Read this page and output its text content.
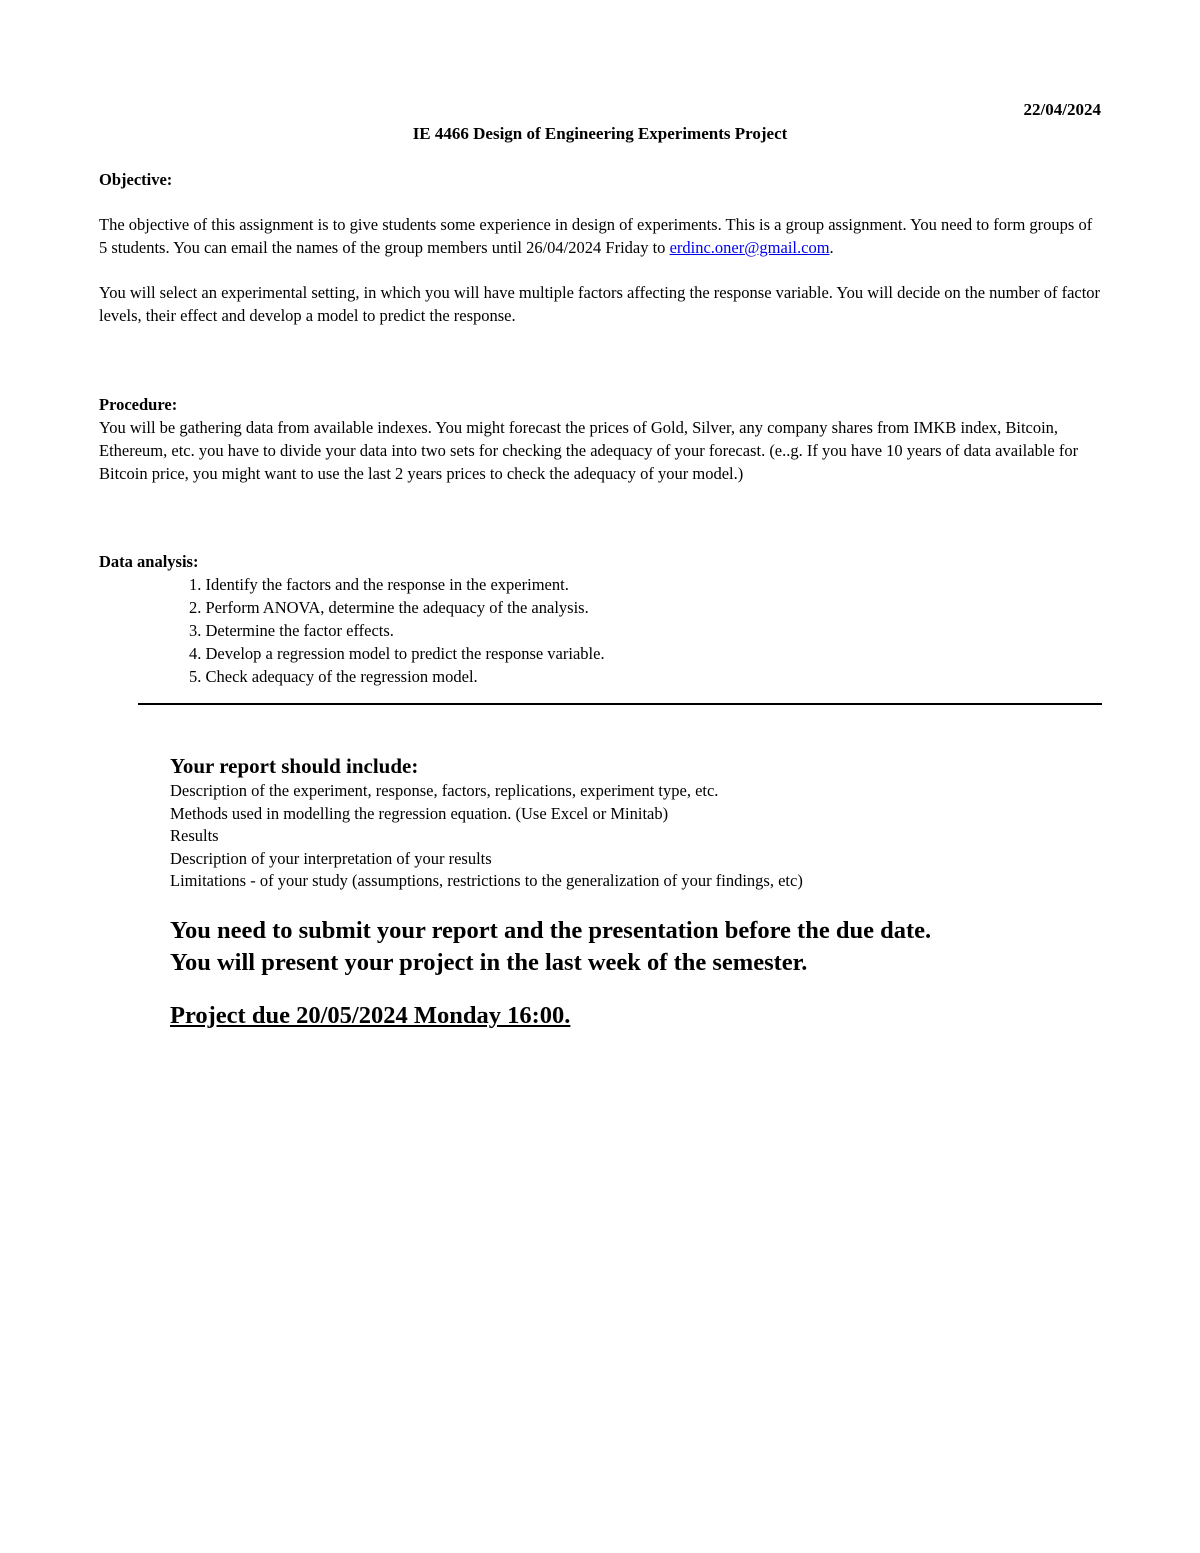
22/04/2024
IE 4466 Design of Engineering Experiments Project
Objective:
The objective of this assignment is to give students some experience in design of experiments. This is a group assignment. You need to form groups of 5 students. You can email the names of the group members until 26/04/2024 Friday to erdinc.oner@gmail.com.
You will select an experimental setting, in which you will have multiple factors affecting the response variable. You will decide on the number of factor levels, their effect and develop a model to predict the response.
Procedure:
You will be gathering data from available indexes. You might forecast the prices of Gold, Silver, any company shares from IMKB index, Bitcoin, Ethereum, etc. you have to divide your data into two sets for checking the adequacy of your forecast. (e..g. If you have 10 years of data available for Bitcoin price, you might want to use the last 2 years prices to check the adequacy of your model.)
Data analysis:
1. Identify the factors and the response in the experiment.
2. Perform ANOVA, determine the adequacy of the analysis.
3. Determine the factor effects.
4. Develop a regression model to predict the response variable.
5. Check adequacy of the regression model.
Your report should include:
Description of the experiment, response, factors, replications, experiment type, etc.
Methods used in modelling the regression equation. (Use Excel or Minitab)
Results
Description of your interpretation of your results
Limitations - of your study (assumptions, restrictions to the generalization of your findings, etc)
You need to submit your report and the presentation before the due date.
You will present your project in the last week of the semester.
Project due 20/05/2024 Monday 16:00.
